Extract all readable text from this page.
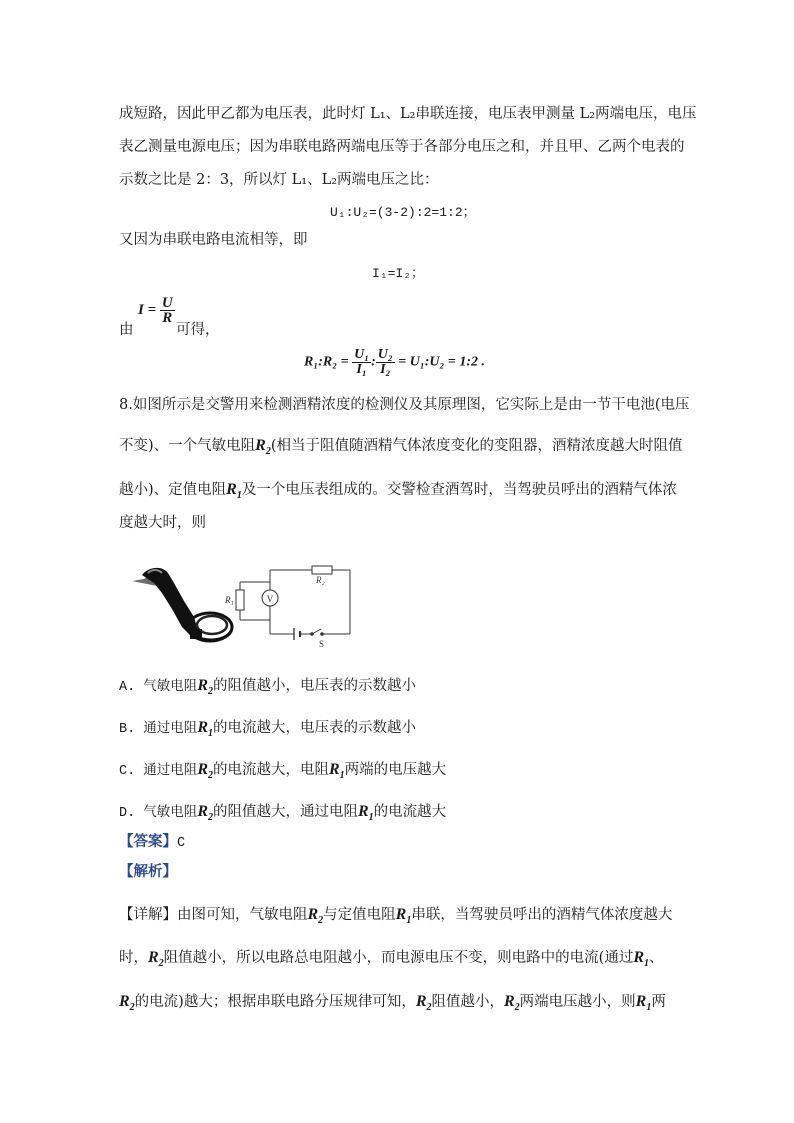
成短路，因此甲乙都为电压表，此时灯 L₁、L₂串联连接，电压表甲测量 L₂两端电压，电压
表乙测量电源电压；因为串联电路两端电压等于各部分电压之和，并且甲、乙两个电表的
示数之比是 2：3，所以灯 L₁、L₂两端电压之比：
U₁:U₂=(3-2):2=1:2；
又因为串联电路电流相等，即
I₁=I₂；
$I = \frac{U}{R}$
由	可得，
R₁:R₂ = $\frac{\text{U₁}}{\text{I₁}}$ : $\frac{\text{U₂}}{\text{I₂}}$ = U₁:U₂ = 1:2 .
8.如图所示是交警用来检测酒精浓度的检测仪及其原理图，它实际上是由一节干电池(电压
不变)、一个气敏电阻$R_2$(相当于阻值随酒精气体浓度变化的变阻器，酒精浓度越大时阻值
越小)、定值电阻$R_1$及一个电压表组成的。交警检查酒驾时，当驾驶员呼出的酒精气体浓
度越大时，则
V
R₁
R₂
S
A. 气敏电阻$R_2$的阻值越小，电压表的示数越小
B. 通过电阻$R_1$的电流越大，电压表的示数越小
C. 通过电阻$R_2$的电流越大，电阻$R_1$两端的电压越大
D. 气敏电阻$R_2$的阻值越大，通过电阻$R_1$的电流越大
【答案】C
【解析】
【详解】由图可知，气敏电阻$R_2$与定值电阻$R_1$串联，当驾驶员呼出的酒精气体浓度越大
时，$R_2$阻值越小，所以电路总电阻越小，而电源电压不变，则电路中的电流(通过$R_1$、
$R_2$的电流)越大；根据串联电路分压规律可知，$R_2$阻值越小，$R_2$两端电压越小，则$R_1$两
